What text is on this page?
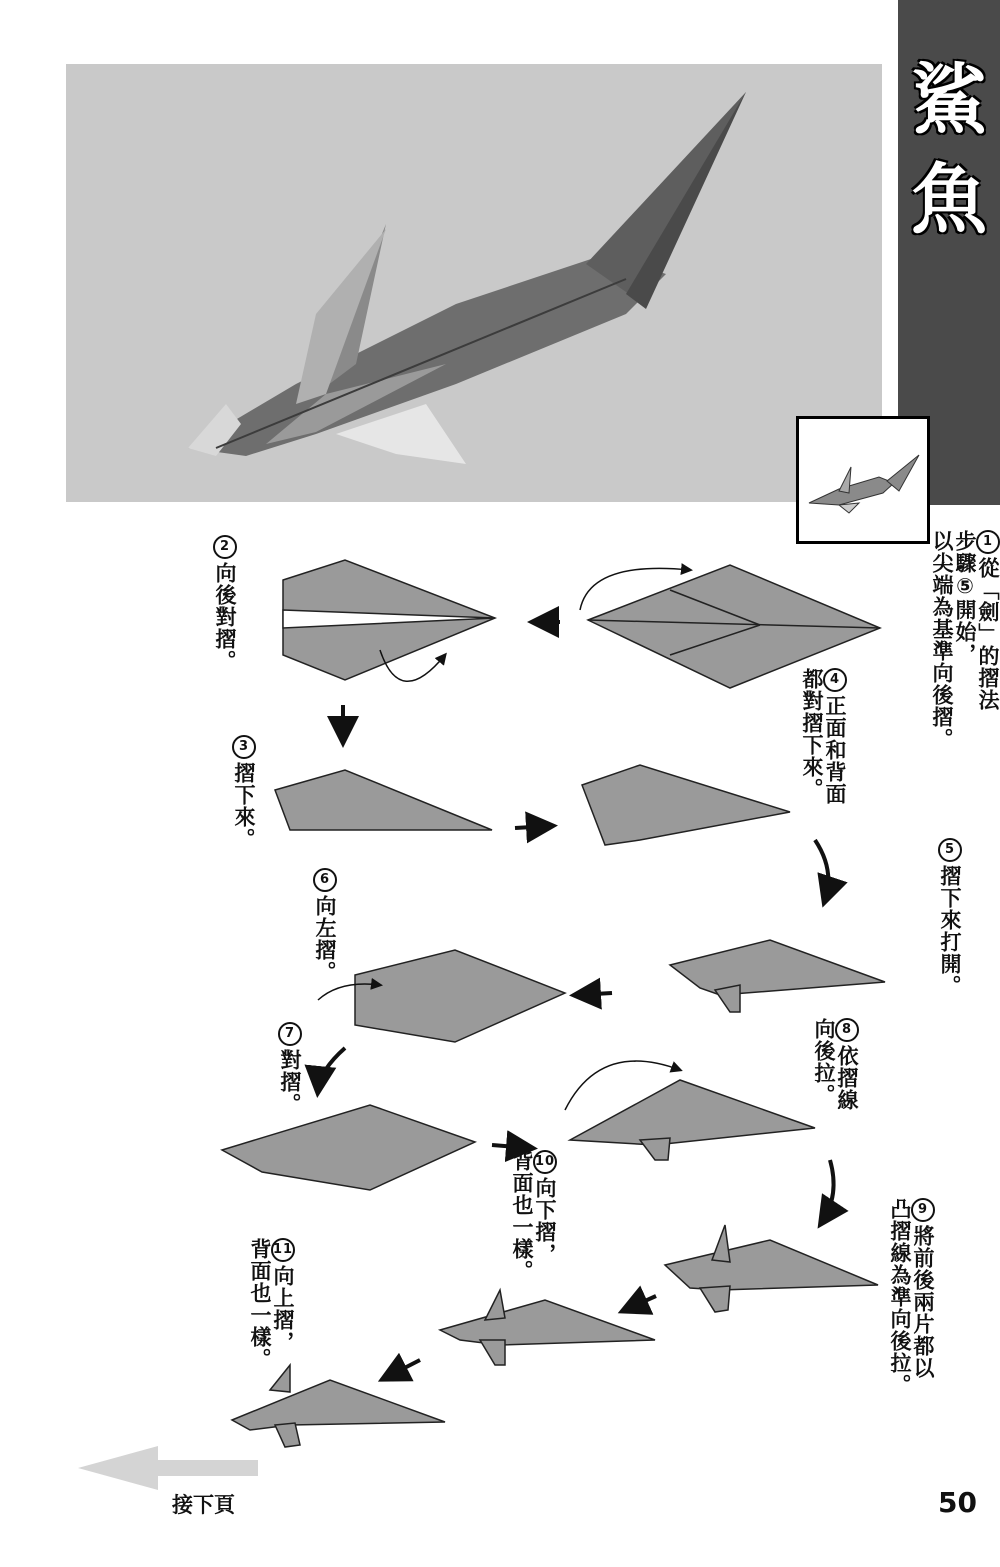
鯊
魚
1從「劍」的摺法
步驟⑤開始，
以尖端為基準向後摺。
2向後對摺。
3摺下來。
4正面和背面
都對摺下來。
5摺下來打開。
6向左摺。
7對摺。
8依摺線
向後拉。
9將前後兩片都以
凸摺線為準向後拉。
10向下摺，
背面也一樣。
11向上摺，
背面也一樣。
接下頁	50
